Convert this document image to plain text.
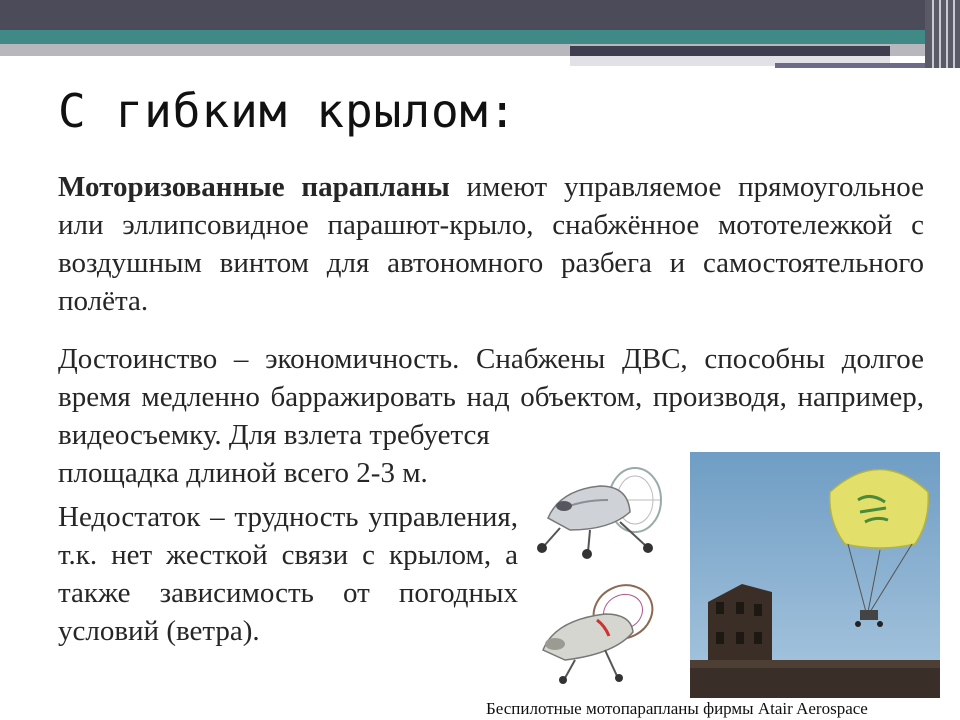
С гибким крылом:

Моторизованные парапланы имеют управляемое прямоугольное или эллипсовидное парашют-крыло, снабжённое мототележкой с воздушным винтом для автономного разбега и самостоятельного полёта.

Достоинство – экономичность. Снабжены ДВС, способны долгое время медленно барражировать над объектом, производя, например, видеосъемку. Для взлета требуется

площадка длиной всего 2-3 м.

Недостаток – трудность управления, т.к. нет жесткой связи с крылом, а также зависимость от погодных условий (ветра).

Беспилотные мотопарапланы фирмы Atair Aerospace
